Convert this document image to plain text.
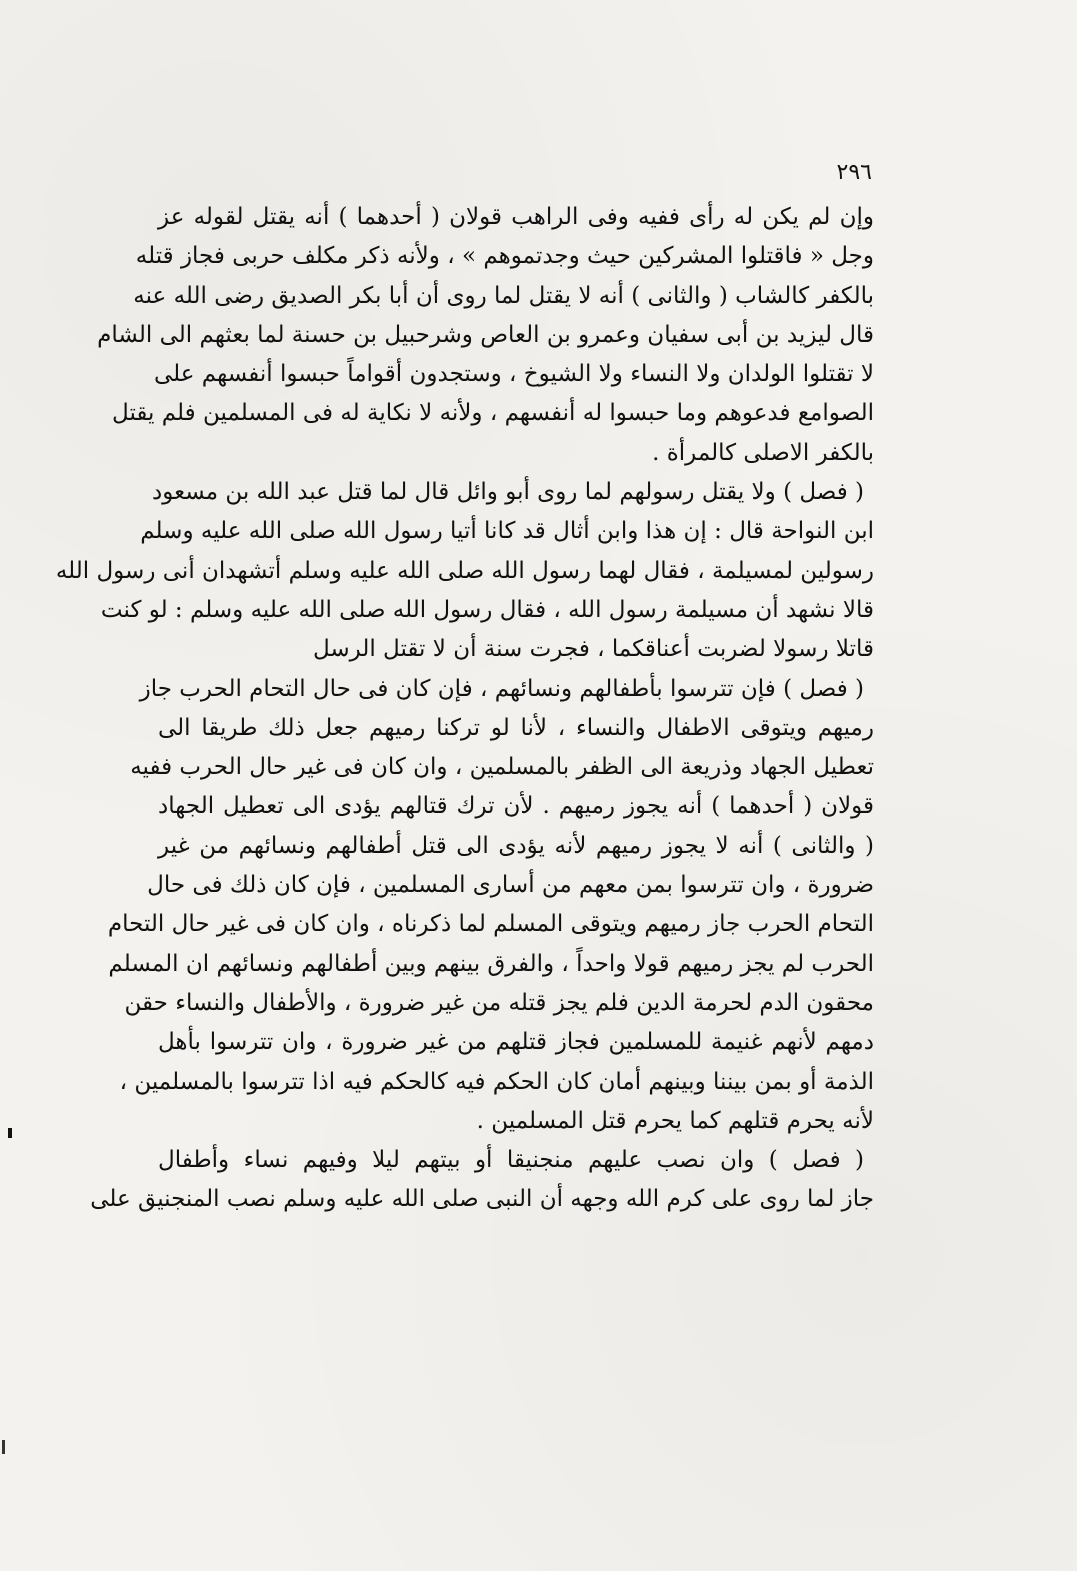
٢٩٦
وإن لم يكن له رأى ففيه وفى الراهب قولان ( أحدهما ) أنه يقتل لقوله عز
وجل « فاقتلوا المشركين حيث وجدتموهم » ، ولأنه ذكر مكلف حربى فجاز قتله
بالكفر كالشاب ( والثانى ) أنه لا يقتل لما روى أن أبا بكر الصديق رضى الله عنه
قال ليزيد بن أبى سفيان وعمرو بن العاص وشرحبيل بن حسنة لما بعثهم الى الشام
لا تقتلوا الولدان ولا النساء ولا الشيوخ ، وستجدون أقواماً حبسوا أنفسهم على
الصوامع فدعوهم وما حبسوا له أنفسهم ، ولأنه لا نكاية له فى المسلمين فلم يقتل
بالكفر الاصلى كالمرأة .
( فصل ) ولا يقتل رسولهم لما روى أبو وائل قال لما قتل عبد الله بن مسعود
ابن النواحة قال : إن هذا وابن أثال قد كانا أتيا رسول الله صلى الله عليه وسلم
رسولين لمسيلمة ، فقال لهما رسول الله صلى الله عليه وسلم أتشهدان أنى رسول الله
قالا نشهد أن مسيلمة رسول الله ، فقال رسول الله صلى الله عليه وسلم : لو كنت
قاتلا رسولا لضربت أعناقكما ، فجرت سنة أن لا تقتل الرسل
( فصل ) فإن تترسوا بأطفالهم ونسائهم ، فإن كان فى حال التحام الحرب جاز
رميهم ويتوقى الاطفال والنساء ، لأنا لو تركنا رميهم جعل ذلك طريقا الى
تعطيل الجهاد وذريعة الى الظفر بالمسلمين ، وان كان فى غير حال الحرب ففيه
قولان ( أحدهما ) أنه يجوز رميهم . لأن ترك قتالهم يؤدى الى تعطيل الجهاد
( والثانى ) أنه لا يجوز رميهم لأنه يؤدى الى قتل أطفالهم ونسائهم من غير
ضرورة ، وان تترسوا بمن معهم من أسارى المسلمين ، فإن كان ذلك فى حال
التحام الحرب جاز رميهم ويتوقى المسلم لما ذكرناه ، وان كان فى غير حال التحام
الحرب لم يجز رميهم قولا واحداً ، والفرق بينهم وبين أطفالهم ونسائهم ان المسلم
محقون الدم لحرمة الدين فلم يجز قتله من غير ضرورة ، والأطفال والنساء حقن
دمهم لأنهم غنيمة للمسلمين فجاز قتلهم من غير ضرورة ، وان تترسوا بأهل
الذمة أو بمن بيننا وبينهم أمان كان الحكم فيه كالحكم فيه اذا تترسوا بالمسلمين ،
لأنه يحرم قتلهم كما يحرم قتل المسلمين .
( فصل ) وان نصب عليهم منجنيقا أو بيتهم ليلا وفيهم نساء وأطفال
جاز لما روى على كرم الله وجهه أن النبى صلى الله عليه وسلم نصب المنجنيق على
